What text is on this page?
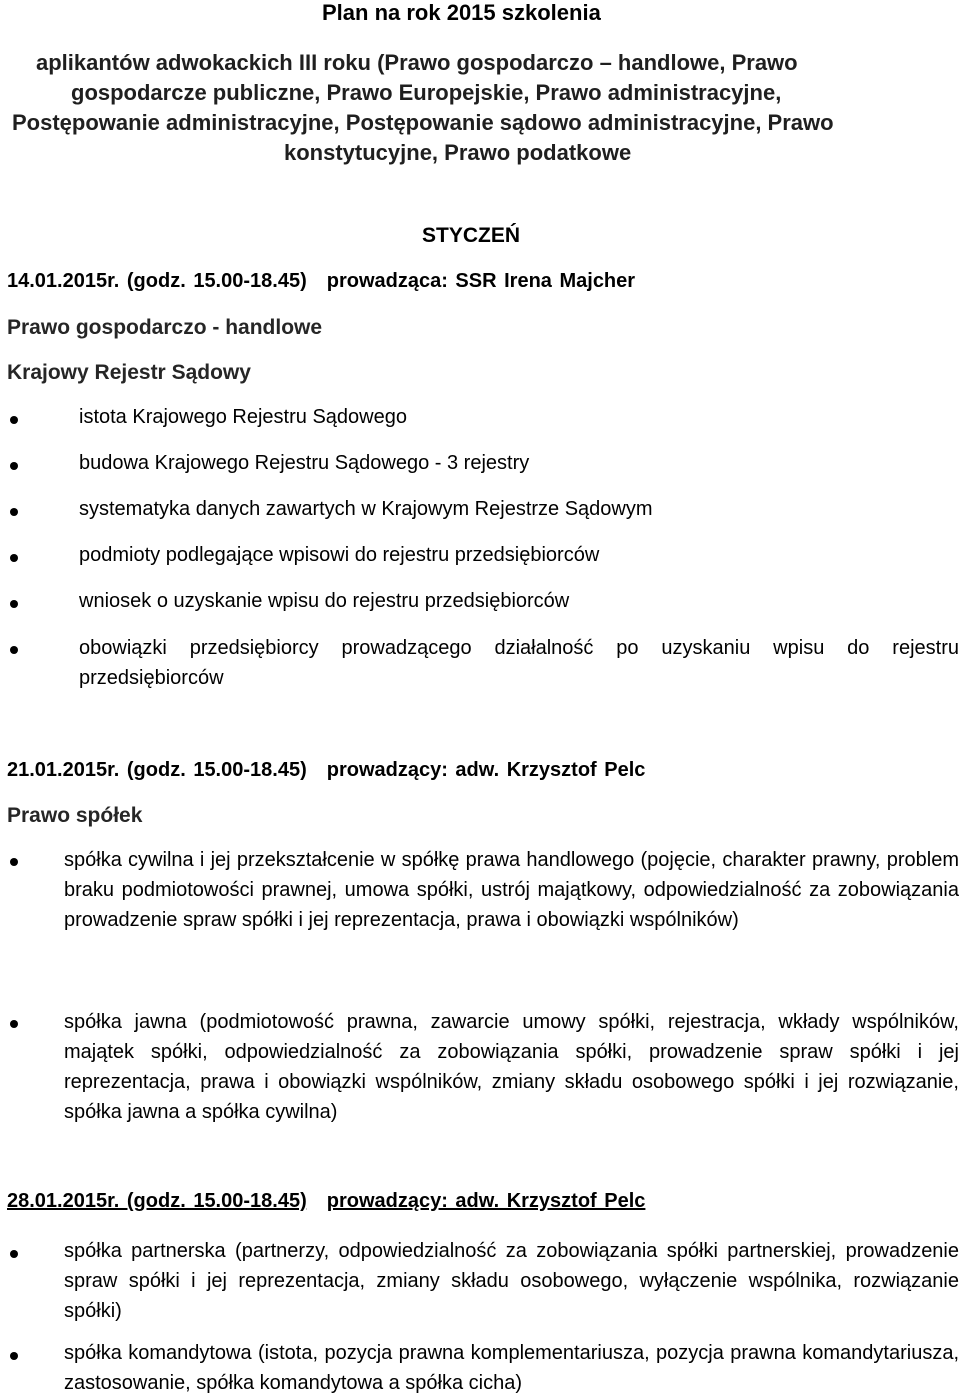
Plan na rok 2015 szkolenia
aplikantów adwokackich III roku (Prawo gospodarczo – handlowe, Prawo
gospodarcze publiczne, Prawo Europejskie, Prawo administracyjne,
Postępowanie administracyjne, Postępowanie sądowo administracyjne, Prawo
konstytucyjne, Prawo podatkowe
STYCZEŃ
14.01.2015r. (godz. 15.00-18.45) prowadząca: SSR Irena Majcher
Prawo gospodarczo - handlowe
Krajowy Rejestr Sądowy
istota Krajowego Rejestru Sądowego
budowa Krajowego Rejestru Sądowego - 3 rejestry
systematyka danych zawartych w Krajowym Rejestrze Sądowym
podmioty podlegające wpisowi do rejestru przedsiębiorców
wniosek o uzyskanie wpisu do rejestru przedsiębiorców
obowiązki przedsiębiorcy prowadzącego działalność po uzyskaniu wpisu do rejestru przedsiębiorców
21.01.2015r. (godz. 15.00-18.45) prowadzący: adw. Krzysztof Pelc
Prawo spółek
spółka cywilna i jej przekształcenie w spółkę prawa handlowego (pojęcie, charakter prawny, problem braku podmiotowości prawnej, umowa spółki, ustrój majątkowy, odpowiedzialność za zobowiązania prowadzenie spraw spółki i jej reprezentacja, prawa i obowiązki wspólników)
spółka jawna (podmiotowość prawna, zawarcie umowy spółki, rejestracja, wkłady wspólników, majątek spółki, odpowiedzialność za zobowiązania spółki, prowadzenie spraw spółki i jej reprezentacja, prawa i obowiązki wspólników, zmiany składu osobowego spółki i jej rozwiązanie, spółka jawna a spółka cywilna)
28.01.2015r. (godz. 15.00-18.45) prowadzący: adw. Krzysztof Pelc
spółka partnerska (partnerzy, odpowiedzialność za zobowiązania spółki partnerskiej, prowadzenie spraw spółki i jej reprezentacja, zmiany składu osobowego, wyłączenie wspólnika, rozwiązanie spółki)
spółka komandytowa (istota, pozycja prawna komplementariusza, pozycja prawna komandytariusza, zastosowanie, spółka komandytowa a spółka cicha)
